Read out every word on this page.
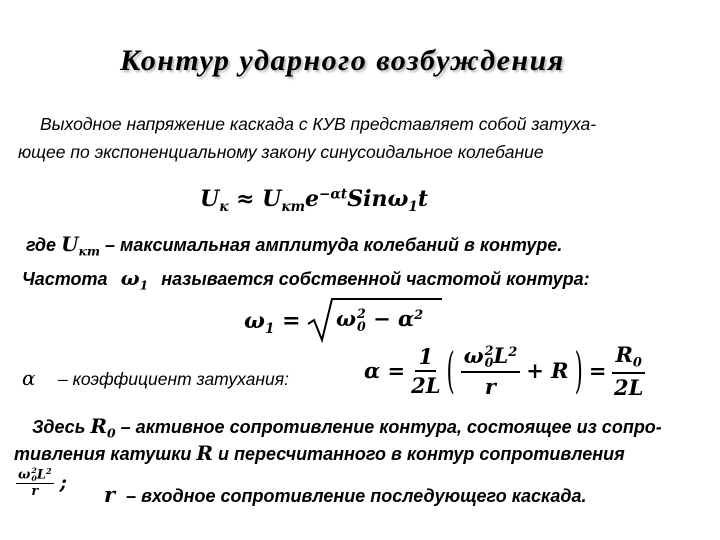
Контур ударного возбуждения
Выходное напряжение каскада с КУВ представляет собой затуха-
ющее по экспоненциальному закону синусоидальное колебание
$U_к \approx U_{кm}e^{-\alpha t}Sin\omega_1t$
где $U_{кm}$ – максимальная амплитуда колебаний в контуре.
Частота $\omega_1$ называется собственной частотой контура:
$\omega_1 = \omega$ 2
$0 - \alpha^2$
α – коэффициент затухания:	$\alpha = \frac{1}{2L}$ ( ω 2
0 $L^2$
r + R ) = $\frac{R_0}{2L}$
Здесь $R_0$ – активное сопротивление контура, состоящее из сопро-
тивления катушки R и пересчитанного в контур сопротивления
ω 2
0 $L^2$
r ; r – входное сопротивление последующего каскада.
